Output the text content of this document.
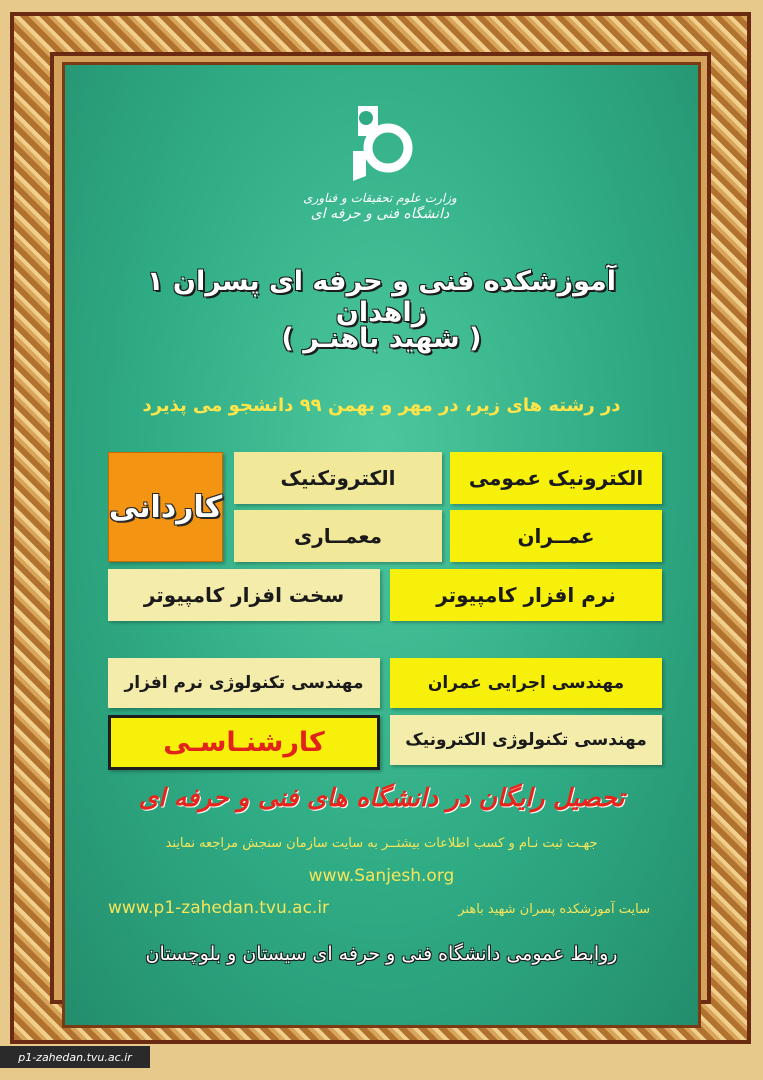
وزارت علوم تحقیقات و فناوری
دانشگاه فنی و حرفه ای
آموزشکده فنی و حرفه ای پسران ۱ زاهدان
( شهید باهنـر )
در رشته های زیر، در مهر و بهمن ۹۹ دانشجو می پذیرد
کاردانی
الکترونیک عمومی
الکتروتکنیک
عمــران
معمــاری
نرم افزار کامپیوتر
سخت افزار کامپیوتر
مهندسی اجرایی عمران
مهندسی تکنولوژی نرم افزار
مهندسی تکنولوژی الکترونیک
کارشنـاسـی
تحصیل رایگان در دانشگاه های فنی و حرفه ای
جهـت ثبت نـام و کسب اطلاعات بیشتــر به سایت سازمان سنجش مراجعه نمایند
www.Sanjesh.org
سایت آموزشکده پسران شهید باهنر
www.p1-zahedan.tvu.ac.ir
روابط عمومی دانشگاه فنی و حرفه ای سیستان و بلوچستان
p1-zahedan.tvu.ac.ir
